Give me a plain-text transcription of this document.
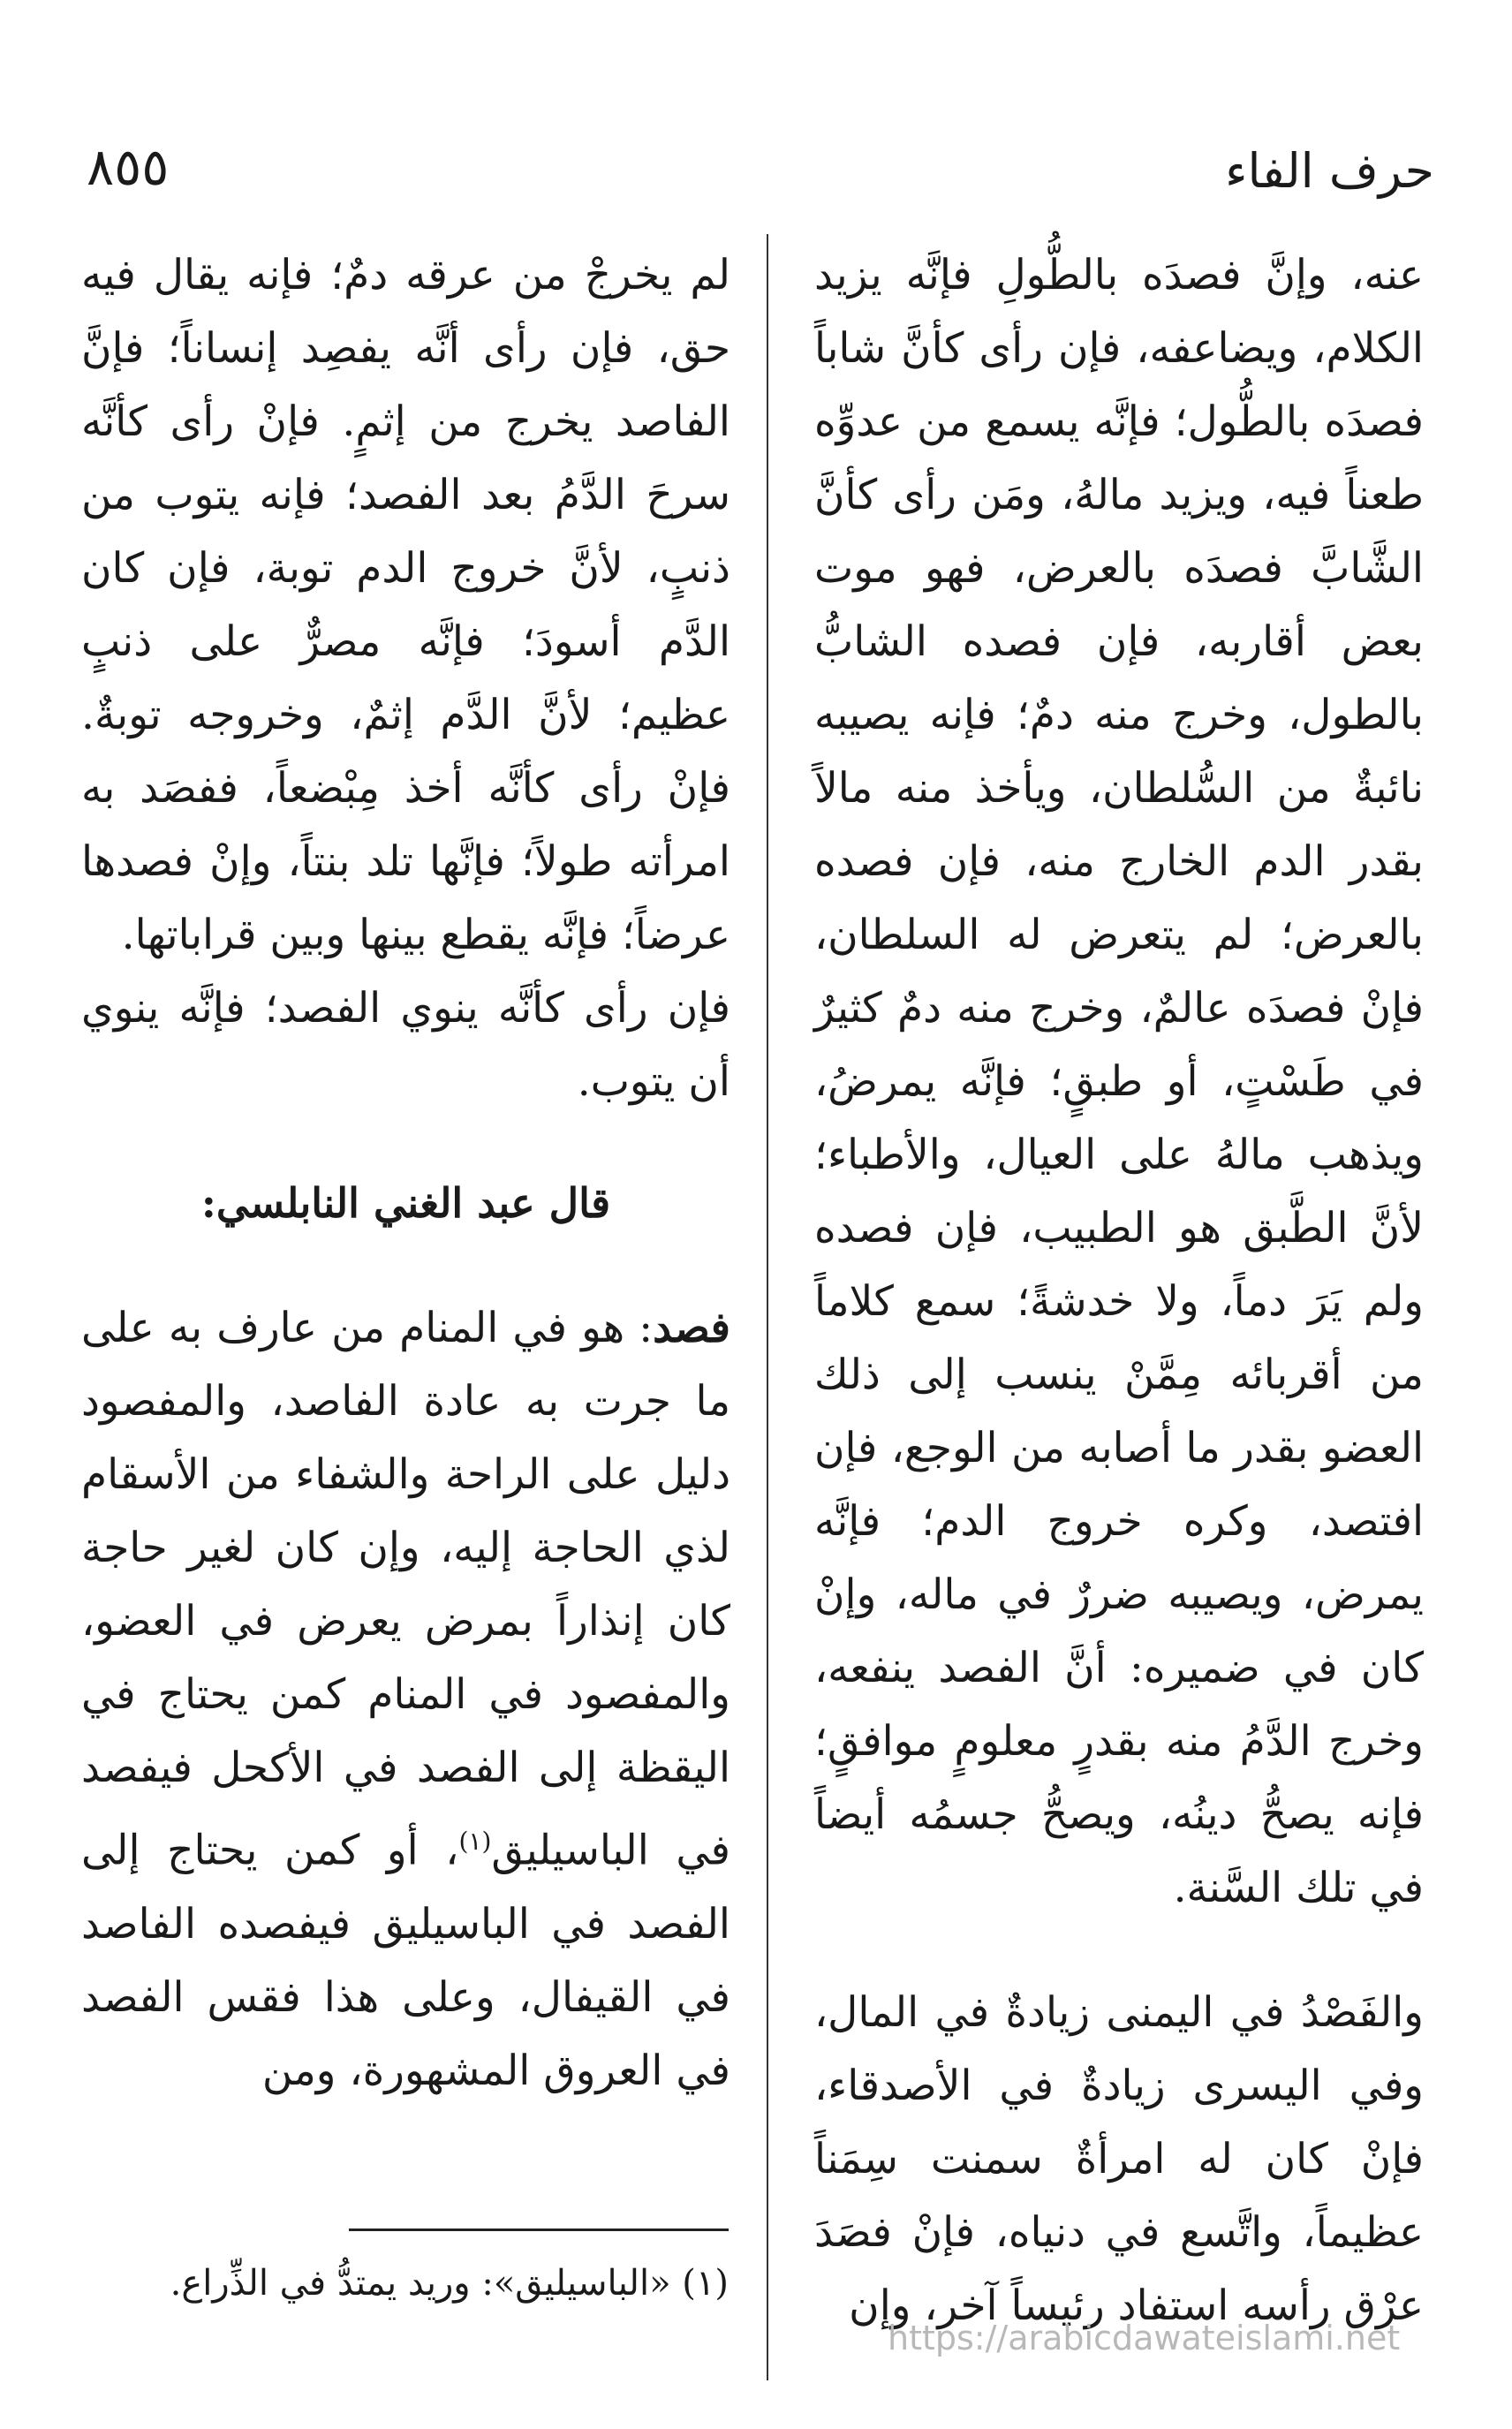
حرف الفاء
٨٥٥

عنه، وإنَّ فصدَه بالطُّولِ فإنَّه يزيد الكلام، ويضاعفه، فإن رأى كأنَّ شاباً فصدَه بالطُّول؛ فإنَّه يسمع من عدوِّه طعناً فيه، ويزيد مالهُ، ومَن رأى كأنَّ الشَّابَّ فصدَه بالعرض، فهو موت بعض أقاربه، فإن فصده الشابُّ بالطول، وخرج منه دمٌ؛ فإنه يصيبه نائبةٌ من السُّلطان، ويأخذ منه مالاً بقدر الدم الخارج منه، فإن فصده بالعرض؛ لم يتعرض له السلطان، فإنْ فصدَه عالمٌ، وخرج منه دمٌ كثيرٌ في طَسْتٍ، أو طبقٍ؛ فإنَّه يمرضُ، ويذهب مالهُ على العيال، والأطباء؛ لأنَّ الطَّبق هو الطبيب، فإن فصده ولم يَرَ دماً، ولا خدشةً؛ سمع كلاماً من أقربائه مِمَّنْ ينسب إلى ذلك العضو بقدر ما أصابه من الوجع، فإن افتصد، وكره خروج الدم؛ فإنَّه يمرض، ويصيبه ضررٌ في ماله، وإنْ كان في ضميره: أنَّ الفصد ينفعه، وخرج الدَّمُ منه بقدرٍ معلومٍ موافقٍ؛ فإنه يصحُّ دينُه، ويصحُّ جسمُه أيضاً في تلك السَّنة.

والفَصْدُ في اليمنى زيادةٌ في المال، وفي اليسرى زيادةٌ في الأصدقاء، فإنْ كان له امرأةٌ سمنت سِمَناً عظيماً، واتَّسع في دنياه، فإنْ فصَدَ عرْق رأسه استفاد رئيساً آخر، وإن

لم يخرجْ من عرقه دمٌ؛ فإنه يقال فيه حق، فإن رأى أنَّه يفصِد إنساناً؛ فإنَّ الفاصد يخرج من إثمٍ. فإنْ رأى كأنَّه سرحَ الدَّمُ بعد الفصد؛ فإنه يتوب من ذنبٍ، لأنَّ خروج الدم توبة، فإن كان الدَّم أسودَ؛ فإنَّه مصرٌّ على ذنبٍ عظيم؛ لأنَّ الدَّم إثمٌ، وخروجه توبةٌ. فإنْ رأى كأنَّه أخذ مِبْضعاً، ففصَد به امرأته طولاً؛ فإنَّها تلد بنتاً، وإنْ فصدها عرضاً؛ فإنَّه يقطع بينها وبين قراباتها.

فإن رأى كأنَّه ينوي الفصد؛ فإنَّه ينوي أن يتوب.

قال عبد الغني النابلسي:

فصد: هو في المنام من عارف به على ما جرت به عادة الفاصد، والمفصود دليل على الراحة والشفاء من الأسقام لذي الحاجة إليه، وإن كان لغير حاجة كان إنذاراً بمرض يعرض في العضو، والمفصود في المنام كمن يحتاج في اليقظة إلى الفصد في الأكحل فيفصد في الباسيليق$^{(١)}$، أو كمن يحتاج إلى الفصد في الباسيليق فيفصده الفاصد في القيفال، وعلى هذا فقس الفصد في العروق المشهورة، ومن

(١) «الباسيليق»: وريد يمتدُّ في الذِّراع.
https://arabicdawateislami.net
